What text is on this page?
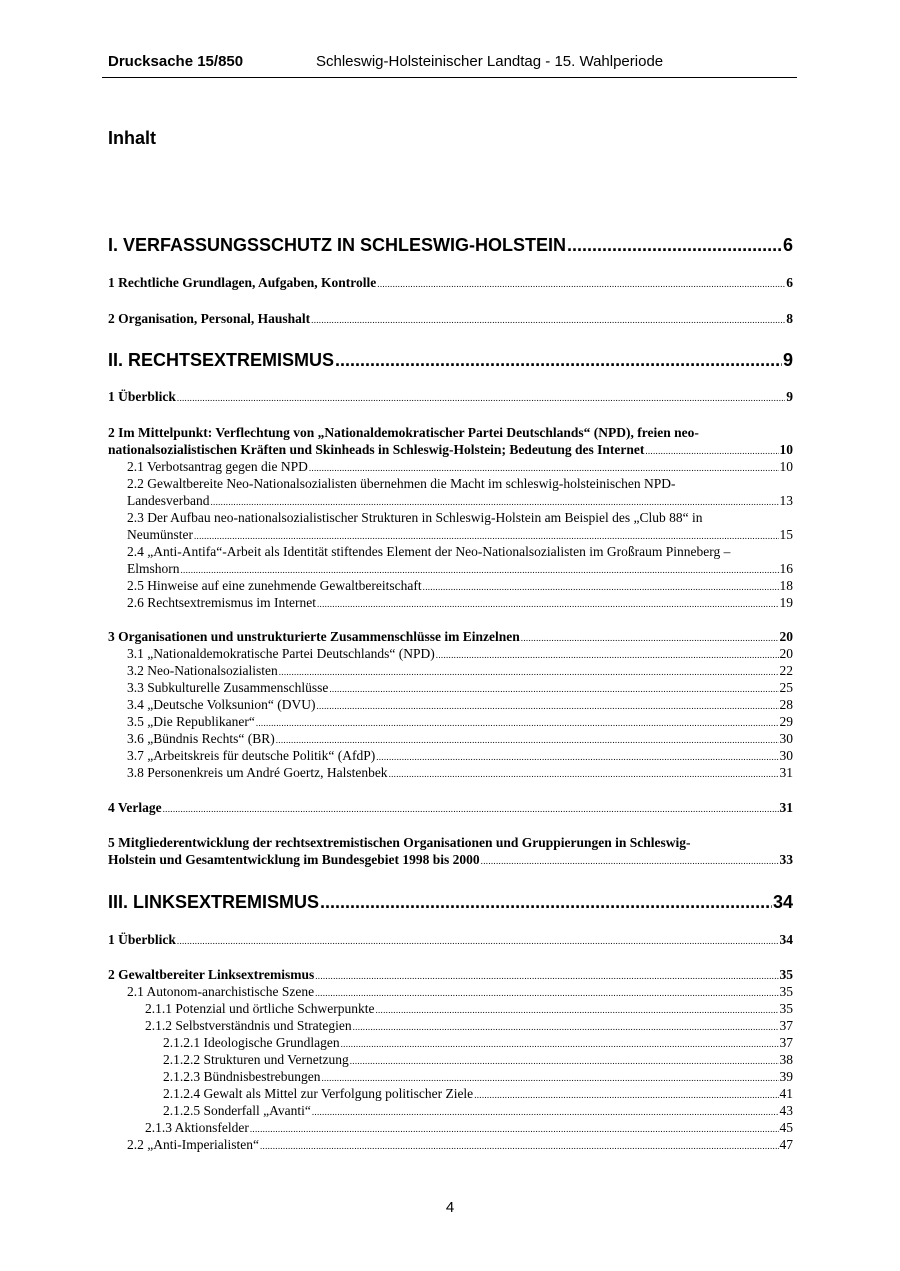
Drucksache 15/850	Schleswig-Holsteinischer Landtag - 15. Wahlperiode
Inhalt
I. VERFASSUNGSSCHUTZ IN SCHLESWIG-HOLSTEIN .....	6
1 Rechtliche Grundlagen, Aufgaben, Kontrolle .....	6
2 Organisation, Personal, Haushalt .....	8
II. RECHTSEXTREMISMUS .....	9
1 Überblick .....	9
2 Im Mittelpunkt: Verflechtung von „Nationaldemokratischer Partei Deutschlands“ (NPD), freien neo-
nationalsozialistischen Kräften und Skinheads in Schleswig-Holstein; Bedeutung des Internet .....	10
2.1 Verbotsantrag gegen die NPD .....	10
2.2 Gewaltbereite Neo-Nationalsozialisten übernehmen die Macht im schleswig-holsteinischen NPD-
Landesverband .....	13
2.3 Der Aufbau neo-nationalsozialistischer Strukturen in Schleswig-Holstein am Beispiel des „Club 88“ in
Neumünster .....	15
2.4 „Anti-Antifa“-Arbeit als Identität stiftendes Element der Neo-Nationalsozialisten im Großraum Pinneberg –
Elmshorn .....	16
2.5 Hinweise auf eine zunehmende Gewaltbereitschaft .....	18
2.6 Rechtsextremismus im Internet .....	19
3 Organisationen und unstrukturierte Zusammenschlüsse im Einzelnen .....	20
3.1 „Nationaldemokratische Partei Deutschlands“ (NPD) .....	20
3.2 Neo-Nationalsozialisten .....	22
3.3 Subkulturelle Zusammenschlüsse .....	25
3.4 „Deutsche Volksunion“ (DVU) .....	28
3.5 „Die Republikaner“ .....	29
3.6 „Bündnis Rechts“ (BR) .....	30
3.7 „Arbeitskreis für deutsche Politik“ (AfdP) .....	30
3.8 Personenkreis um André Goertz, Halstenbek .....	31
4 Verlage .....	31
5 Mitgliederentwicklung der rechtsextremistischen Organisationen und Gruppierungen in Schleswig-
Holstein und Gesamtentwicklung im Bundesgebiet 1998 bis 2000 .....	33
III. LINKSEXTREMISMUS .....	34
1 Überblick .....	34
2 Gewaltbereiter Linksextremismus .....	35
2.1 Autonom-anarchistische Szene .....	35
2.1.1 Potenzial und örtliche Schwerpunkte .....	35
2.1.2 Selbstverständnis und Strategien .....	37
2.1.2.1 Ideologische Grundlagen .....	37
2.1.2.2 Strukturen und Vernetzung .....	38
2.1.2.3 Bündnisbestrebungen .....	39
2.1.2.4 Gewalt als Mittel zur Verfolgung politischer Ziele .....	41
2.1.2.5 Sonderfall „Avanti“ .....	43
2.1.3 Aktionsfelder .....	45
2.2 „Anti-Imperialisten“ .....	47
4
